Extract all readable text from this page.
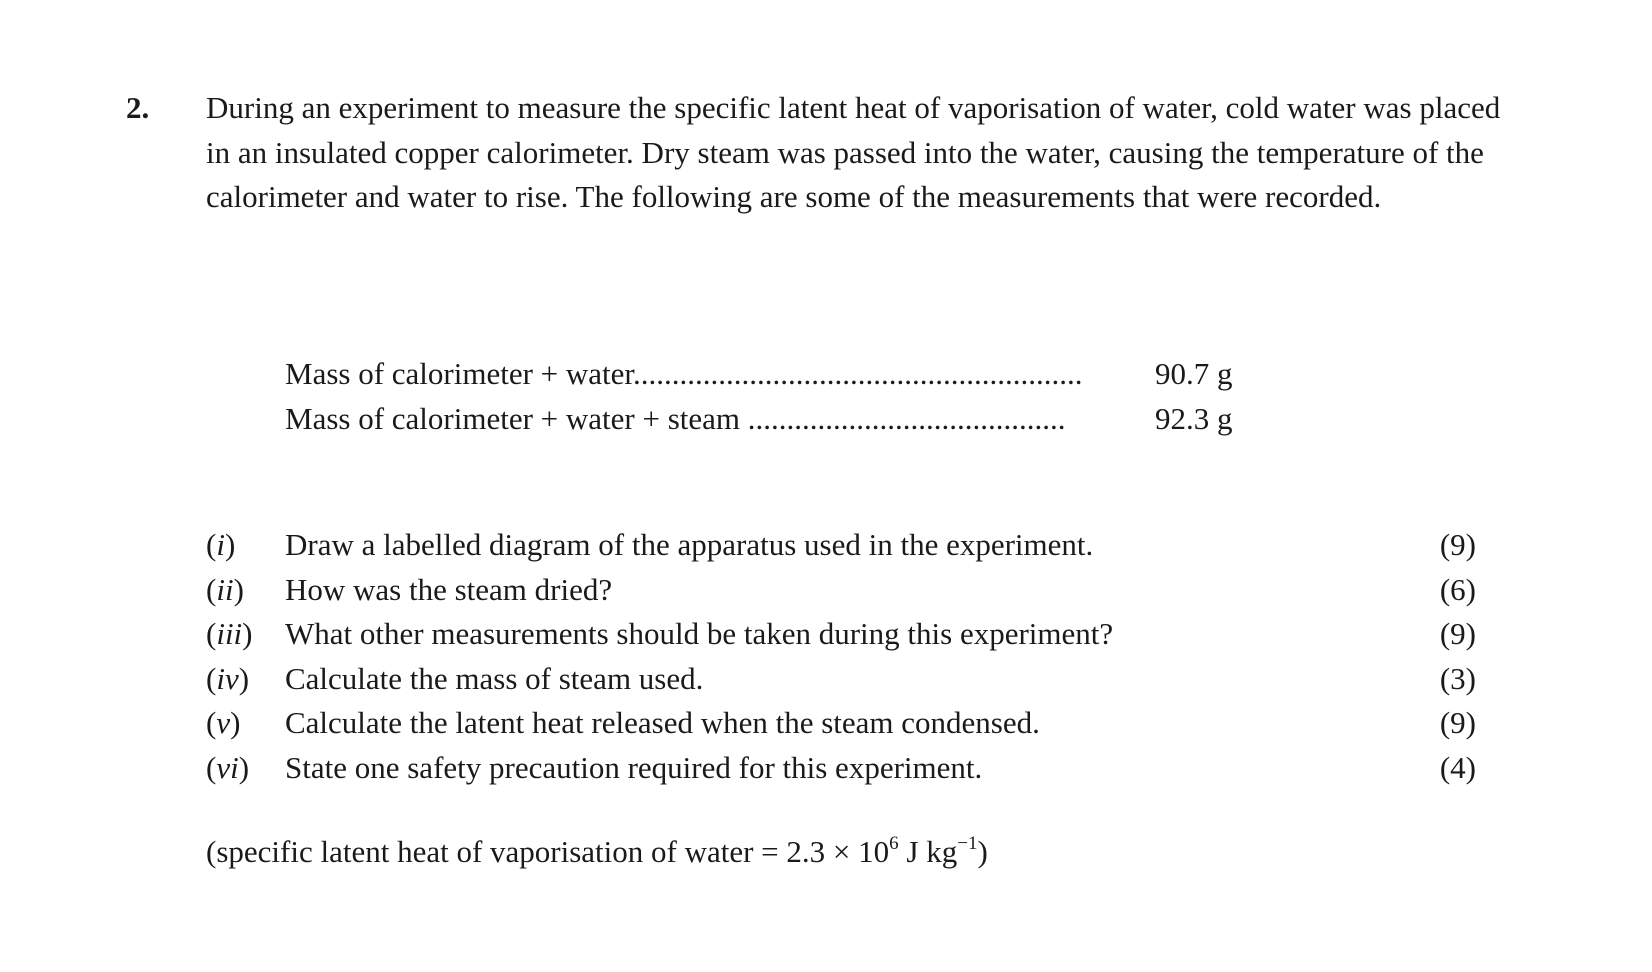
2. During an experiment to measure the specific latent heat of vaporisation of water, cold water was placed in an insulated copper calorimeter. Dry steam was passed into the water, causing the temperature of the calorimeter and water to rise. The following are some of the measurements that were recorded.

Mass of calorimeter + water.......................................................... 90.7 g
Mass of calorimeter + water + steam .........................................	92.3 g
(i) Draw a labelled diagram of the apparatus used in the experiment.	(9)
(ii) How was the steam dried?	(6)
(iii) What other measurements should be taken during this experiment?	(9)
(iv) Calculate the mass of steam used.	(3)
(v) Calculate the latent heat released when the steam condensed.	(9)
(vi) State one safety precaution required for this experiment.	(4)
(specific latent heat of vaporisation of water = $2.3 \times 10^6$ J $kg^{-1}$)
